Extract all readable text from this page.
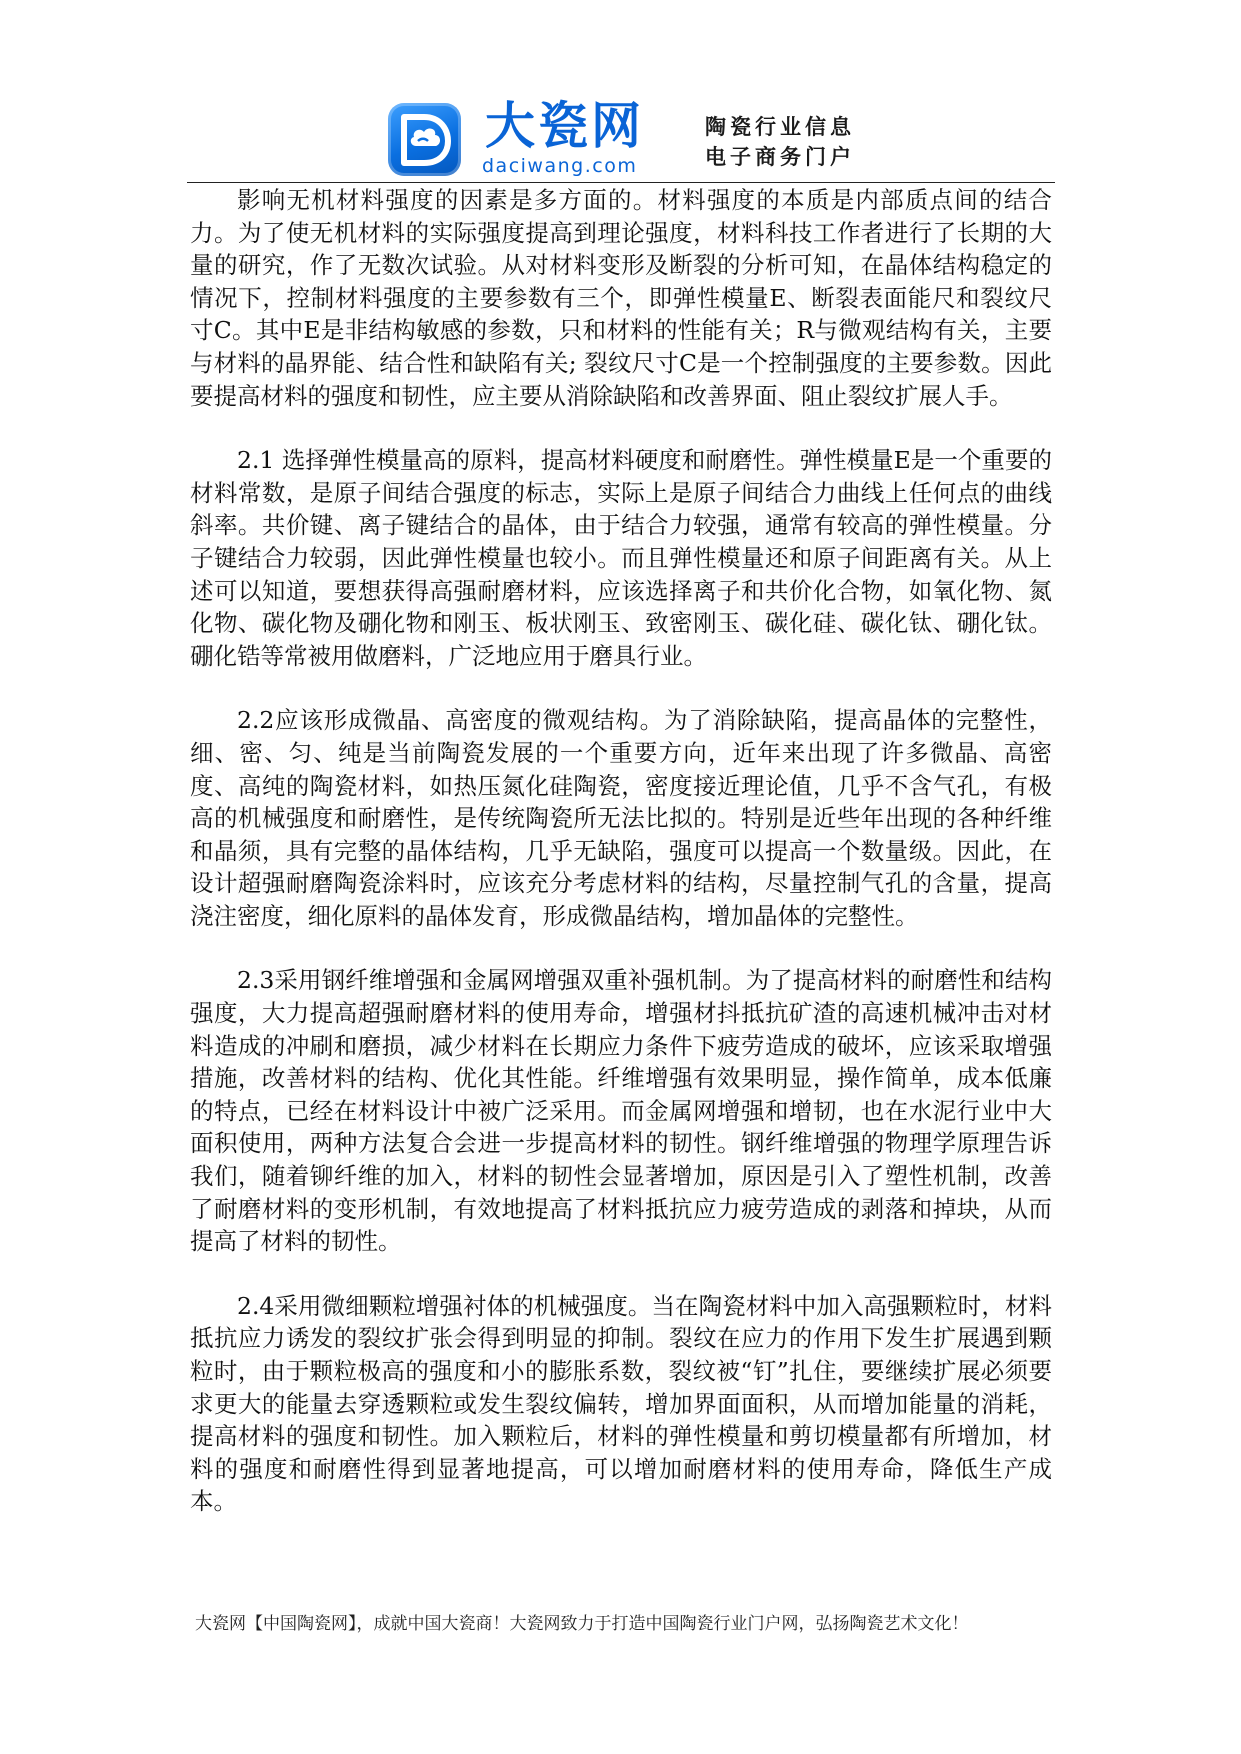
大瓷网
daciwang.com
陶瓷行业信息
电子商务门户

影响无机材料强度的因素是多方面的。材料强度的本质是内部质点间的结合力。为了使无机材料的实际强度提高到理论强度，材料科技工作者进行了长期的大量的研究，作了无数次试验。从对材料变形及断裂的分析可知，在晶体结构稳定的情况下，控制材料强度的主要参数有三个，即弹性模量E、断裂表面能尺和裂纹尺寸C。其中E是非结构敏感的参数，只和材料的性能有关；R与微观结构有关，主要与材料的晶界能、结合性和缺陷有关; 裂纹尺寸C是一个控制强度的主要参数。因此要提高材料的强度和韧性，应主要从消除缺陷和改善界面、阻止裂纹扩展人手。

2.1 选择弹性模量高的原料，提高材料硬度和耐磨性。弹性模量E是一个重要的材料常数，是原子间结合强度的标志，实际上是原子间结合力曲线上任何点的曲线斜率。共价键、离子键结合的晶体，由于结合力较强，通常有较高的弹性模量。分子键结合力较弱，因此弹性模量也较小。而且弹性模量还和原子间距离有关。从上述可以知道，要想获得高强耐磨材料，应该选择离子和共价化合物，如氧化物、氮化物、碳化物及硼化物和刚玉、板状刚玉、致密刚玉、碳化硅、碳化钛、硼化钛。硼化锆等常被用做磨料，广泛地应用于磨具行业。

2.2应该形成微晶、高密度的微观结构。为了消除缺陷，提高晶体的完整性，细、密、匀、纯是当前陶瓷发展的一个重要方向，近年来出现了许多微晶、高密度、高纯的陶瓷材料，如热压氮化硅陶瓷，密度接近理论值，几乎不含气孔，有极高的机械强度和耐磨性，是传统陶瓷所无法比拟的。特别是近些年出现的各种纤维和晶须，具有完整的晶体结构，几乎无缺陷，强度可以提高一个数量级。因此，在设计超强耐磨陶瓷涂料时，应该充分考虑材料的结构，尽量控制气孔的含量，提高浇注密度，细化原料的晶体发育，形成微晶结构，增加晶体的完整性。

2.3采用钢纤维增强和金属网增强双重补强机制。为了提高材料的耐磨性和结构强度，大力提高超强耐磨材料的使用寿命，增强材抖抵抗矿渣的高速机械冲击对材料造成的冲刷和磨损，减少材料在长期应力条件下疲劳造成的破坏，应该采取增强措施，改善材料的结构、优化其性能。纤维增强有效果明显，操作简单，成本低廉的特点，已经在材料设计中被广泛采用。而金属网增强和增韧，也在水泥行业中大面积使用，两种方法复合会进一步提高材料的韧性。钢纤维增强的物理学原理告诉我们，随着铆纤维的加入，材料的韧性会显著增加，原因是引入了塑性机制，改善了耐磨材料的变形机制，有效地提高了材料抵抗应力疲劳造成的剥落和掉块，从而提高了材料的韧性。

2.4采用微细颗粒增强衬体的机械强度。当在陶瓷材料中加入高强颗粒时，材料抵抗应力诱发的裂纹扩张会得到明显的抑制。裂纹在应力的作用下发生扩展遇到颗粒时，由于颗粒极高的强度和小的膨胀系数，裂纹被“钉”扎住，要继续扩展必须要求更大的能量去穿透颗粒或发生裂纹偏转，增加界面面积，从而增加能量的消耗，提高材料的强度和韧性。加入颗粒后，材料的弹性模量和剪切模量都有所增加，材料的强度和耐磨性得到显著地提高，可以增加耐磨材料的使用寿命，降低生产成本。

大瓷网【中国陶瓷网】，成就中国大瓷商！大瓷网致力于打造中国陶瓷行业门户网，弘扬陶瓷艺术文化！
